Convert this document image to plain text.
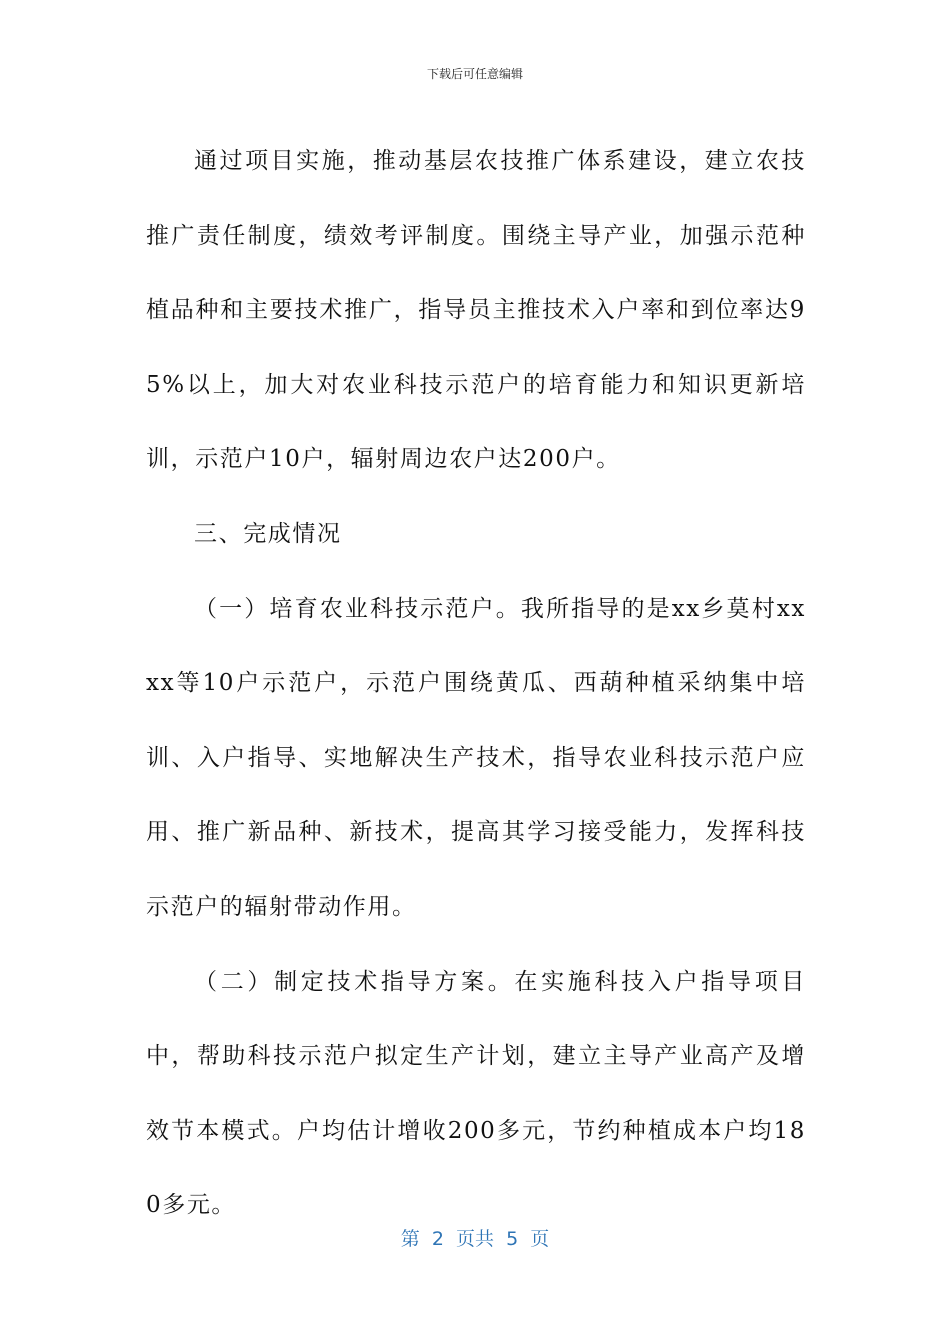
下载后可任意编辑

通过项目实施，推动基层农技推广体系建设，建立农技推广责任制度，绩效考评制度。围绕主导产业，加强示范种植品种和主要技术推广，指导员主推技术入户率和到位率达95%以上，加大对农业科技示范户的培育能力和知识更新培训，示范户10户，辐射周边农户达200户。

三、完成情况

（一）培育农业科技示范户。我所指导的是xx乡莫村xxxx等10户示范户，示范户围绕黄瓜、西葫种植采纳集中培训、入户指导、实地解决生产技术，指导农业科技示范户应用、推广新品种、新技术，提高其学习接受能力，发挥科技示范户的辐射带动作用。

（二）制定技术指导方案。在实施科技入户指导项目中，帮助科技示范户拟定生产计划，建立主导产业高产及增效节本模式。户均估计增收200多元，节约种植成本户均180多元。

第  2  页共  5  页
